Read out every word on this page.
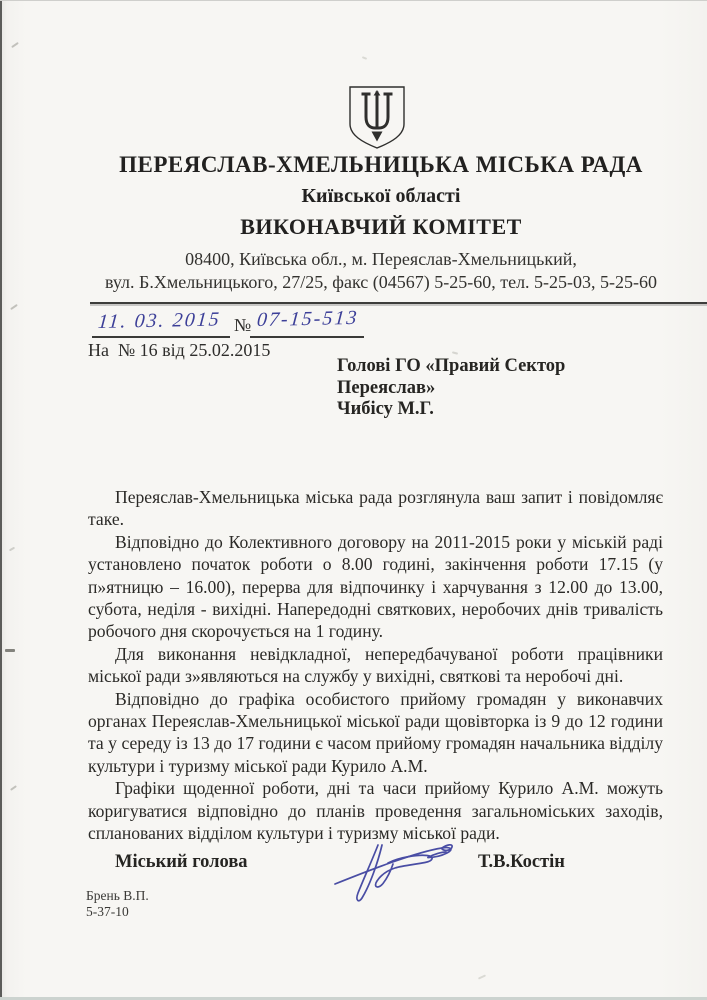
ПЕРЕЯСЛАВ-ХМЕЛЬНИЦЬКА МІСЬКА РАДА
Київської області
ВИКОНАВЧИЙ КОМІТЕТ
08400, Київська обл., м. Переяслав-Хмельницький,
вул. Б.Хмельницького, 27/25, факс (04567) 5-25-60, тел. 5-25-03, 5-25-60
11. 03. 2015 № 07-15-513
На  № 16 від 25.02.2015
Голові ГО «Правий Сектор
Переяслав»
Чибісу М.Г.

Переяслав-Хмельницька міська рада розглянула ваш запит і повідомляє таке.

Відповідно до Колективного договору на 2011-2015 роки у міській раді установлено початок роботи о 8.00 годині, закінчення роботи 17.15 (у п»ятницю – 16.00), перерва для відпочинку і харчування з 12.00 до 13.00, субота, неділя - вихідні. Напередодні святкових, неробочих днів тривалість робочого дня скорочується на 1 годину.

Для виконання невідкладної, непередбачуваної роботи працівники міської ради з»являються на службу у вихідні, святкові та неробочі дні.

Відповідно до графіка особистого прийому громадян у виконавчих органах Переяслав-Хмельницької міської ради щовівторка із 9 до 12 години та у середу із 13 до 17 години є часом прийому громадян начальника відділу культури і туризму міської ради Курило А.М.

Графіки щоденної роботи, дні та часи прийому Курило А.М. можуть коригуватися відповідно до планів проведення загальноміських заходів, спланованих відділом культури і туризму міської ради.

Міський голова	Т.В.Костін
Брень В.П.
5-37-10
